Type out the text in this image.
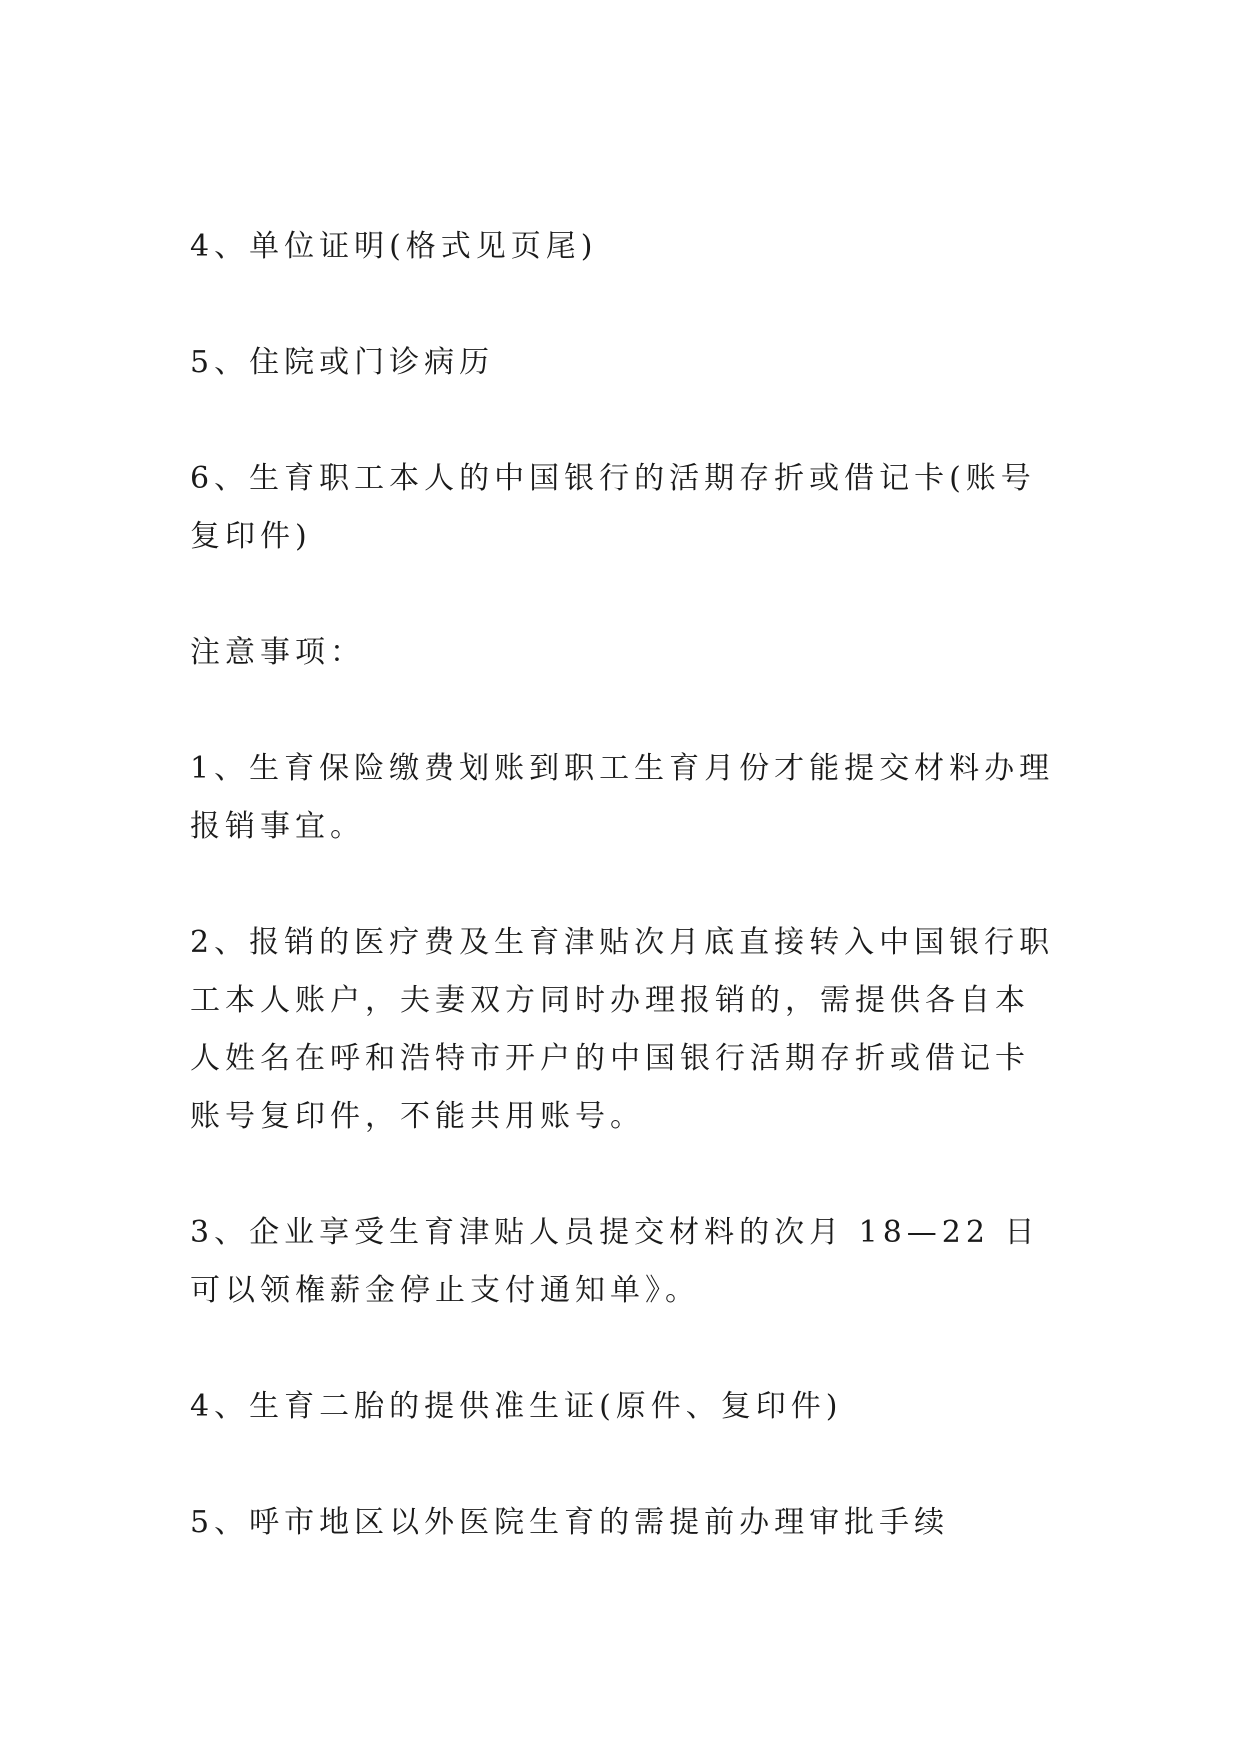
4、单位证明(格式见页尾)

5、住院或门诊病历

6、生育职工本人的中国银行的活期存折或借记卡(账号复印件)

注意事项：

1、生育保险缴费划账到职工生育月份才能提交材料办理报销事宜。

2、报销的医疗费及生育津贴次月底直接转入中国银行职工本人账户，夫妻双方同时办理报销的，需提供各自本人姓名在呼和浩特市开户的中国银行活期存折或借记卡账号复印件，不能共用账号。

3、企业享受生育津贴人员提交材料的次月 18—22 日可以领権薪金停止支付通知单》。

4、生育二胎的提供准生证(原件、复印件)

5、呼市地区以外医院生育的需提前办理审批手续
